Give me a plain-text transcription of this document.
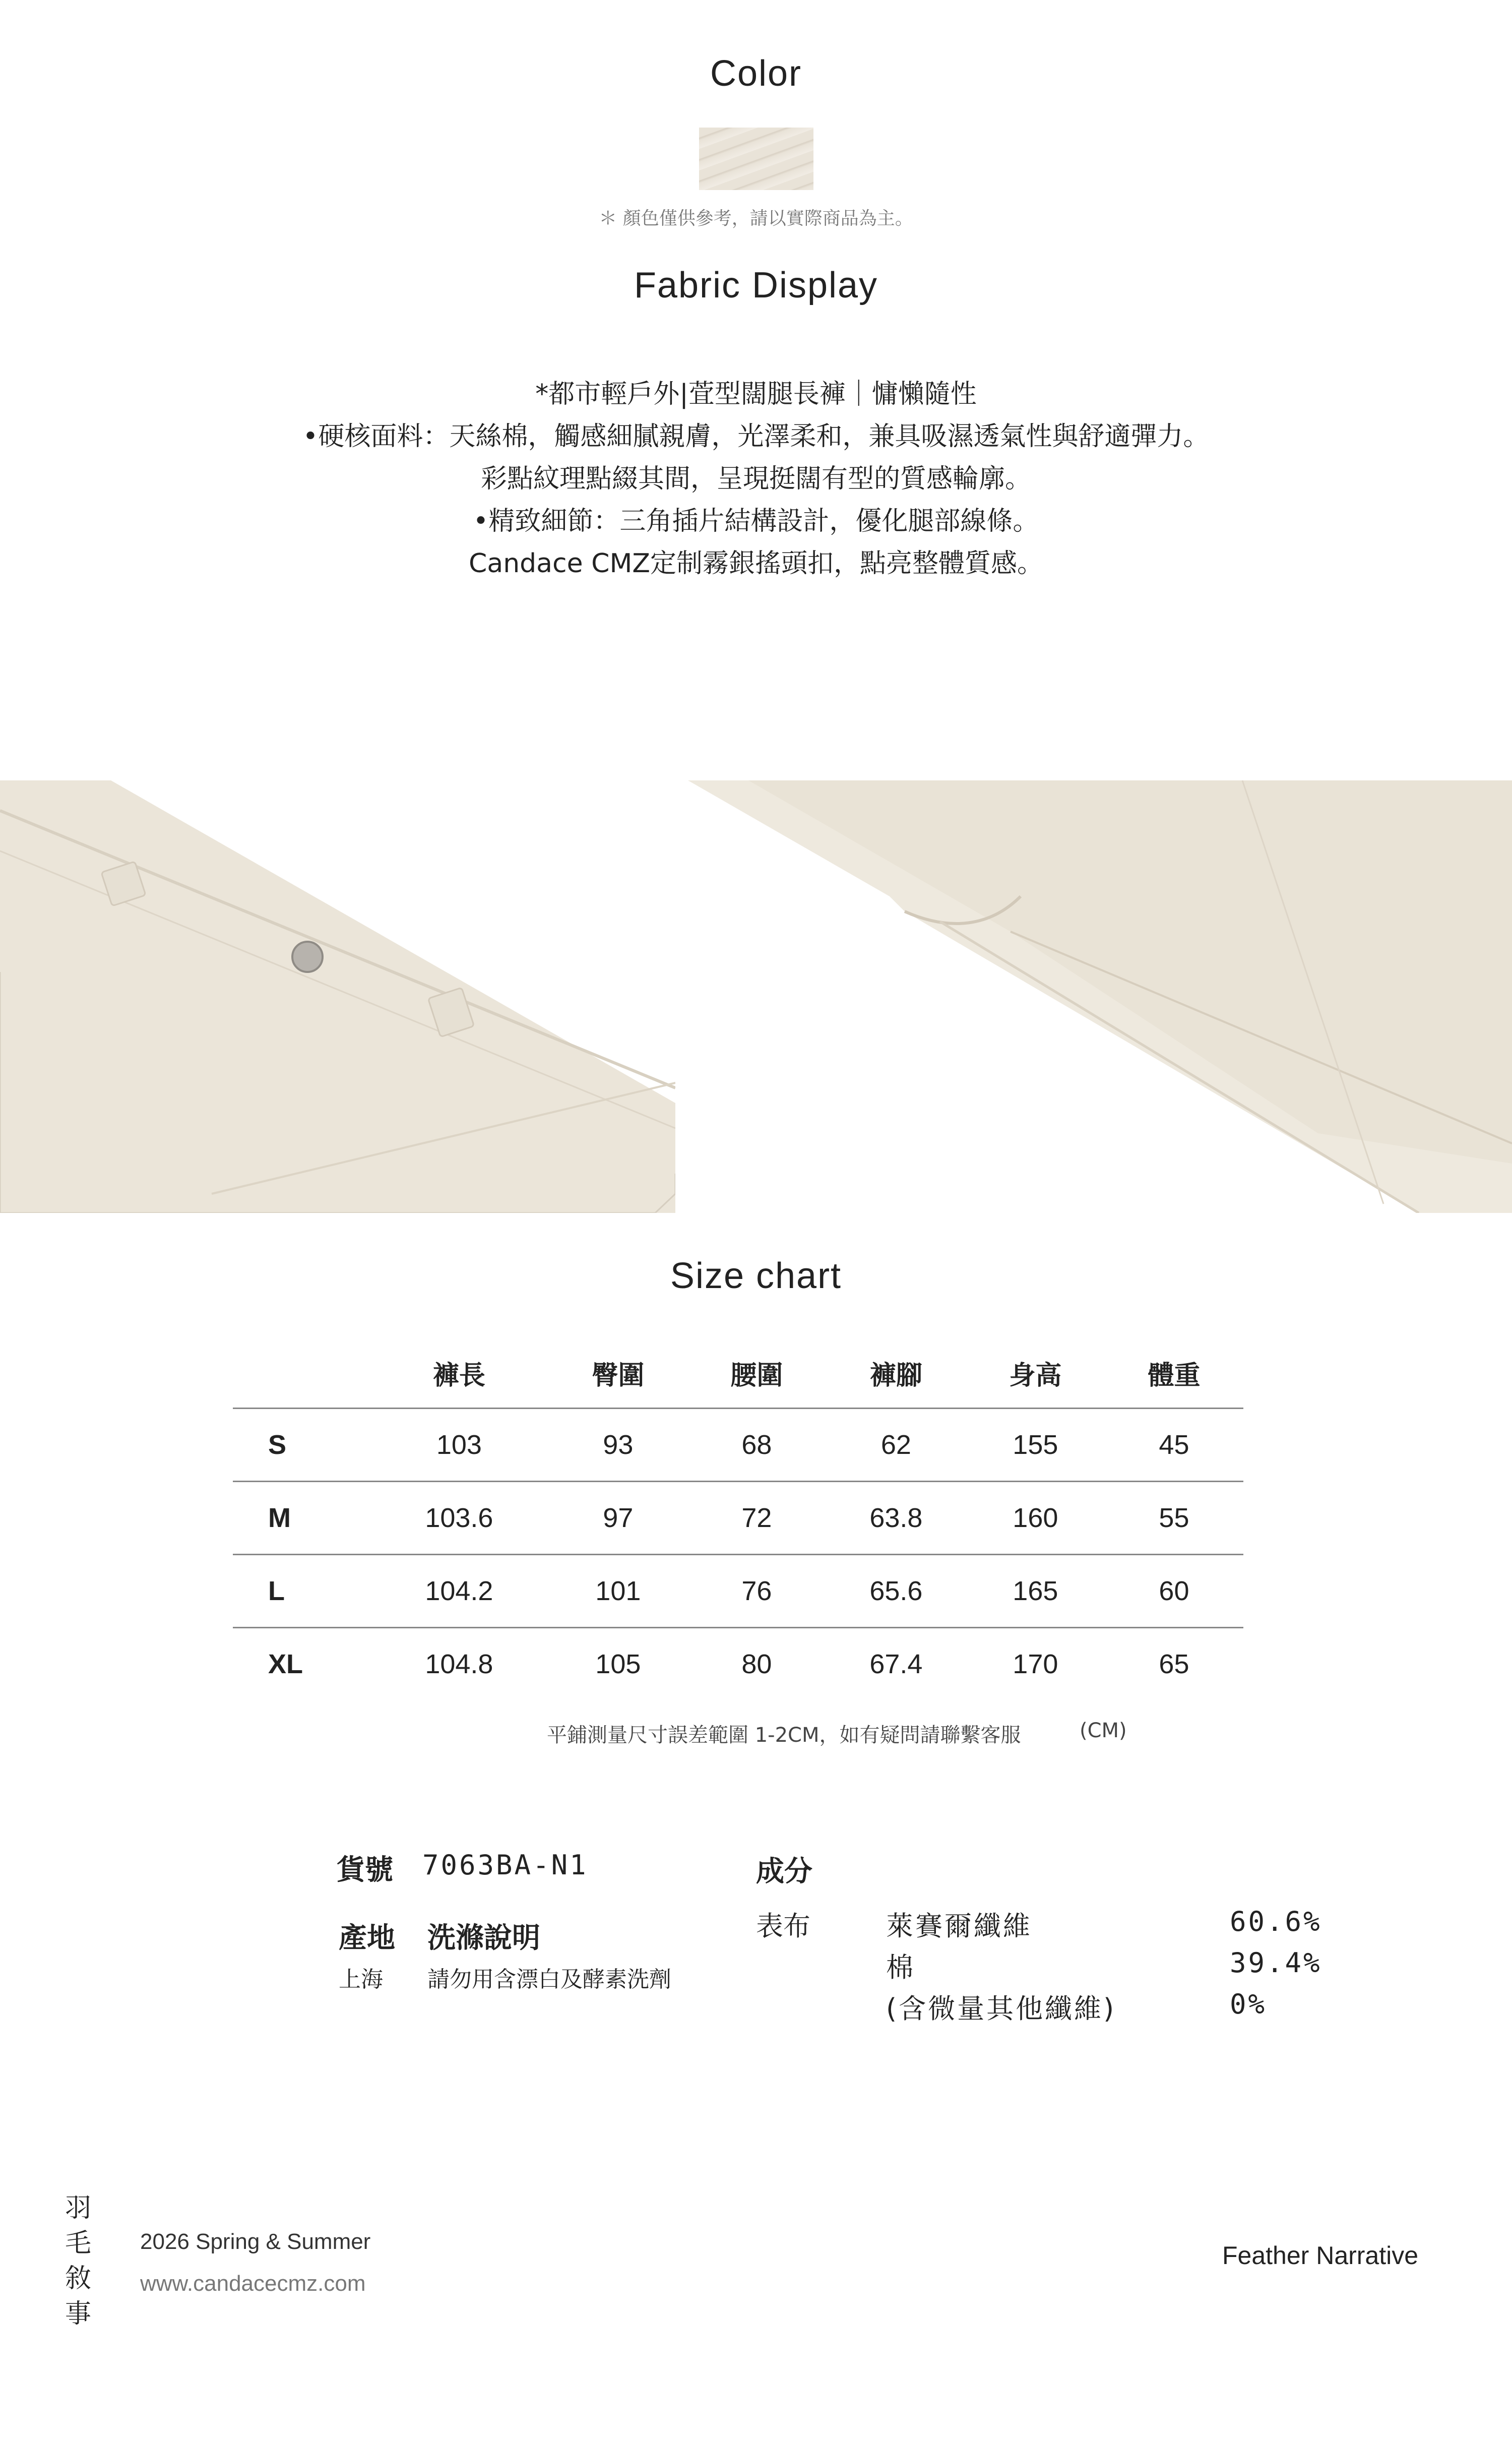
Color
＊ 顏色僅供參考，請以實際商品為主。
Fabric Display
*都市輕戶外|萓型闊腿長褲｜慵懶隨性
•硬核面料：天絲棉，觸感細膩親膚，光澤柔和，兼具吸濕透氣性與舒適彈力。
彩點紋理點綴其間，呈現挺闊有型的質感輪廓。
•精致細節：三角插片結構設計，優化腿部線條。
Candace CMZ定制霧銀搖頭扣，點亮整體質感。
Size chart
	褲長	臀圍	腰圍	褲腳	身高	體重
S	103	93	68	62	155	45
M	103.6	97	72	63.8	160	55
L	104.2	101	76	65.6	165	60
XL	104.8	105	80	67.4	170	65
平鋪測量尺寸誤差範圍 1-2CM，如有疑問請聯繫客服	(CM)
貨號 7063BA-N1
產地 洗滌說明
上海 請勿用含漂白及酵素洗劑
成分
表布	萊賽爾纖維	60.6%
棉	39.4%
(含微量其他纖維)	0%
羽
毛
敘
事
2026 Spring & Summer
www.candacecmz.com
Feather Narrative
